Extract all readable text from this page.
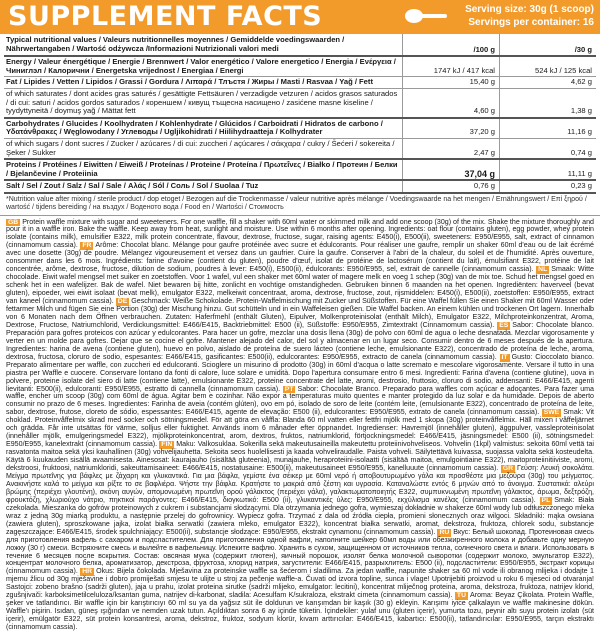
SUPPLEMENT FACTS	Serving size: 30g (1 scoop)
Servings per container: 16
Typical nutritional values / Valeurs nutritionnelles moyennes / Gemiddelde voedingswaarden / Nährwertangaben / Wartość odżywcza /Informazioni Nutrizionali valori medi	/100 g	/30 g
Energy / Valeur énergétique / Energie / Brennwert / Valor energético / Valore energetico / Energia / Ενέργεια / Чиниглэл / Калорични / Energetska vrijednost / Energiaa / Energi	1747 kJ / 417 kcal	524 kJ / 125 kcal
Fat / Lipides / Vetten / Lipidos / Grassi / Gordura / Λιπαρά / Тлъстя / Жиры / Masti / Rasvaa / Yağ / Fett	15,40 g	4,62 g
of which saturates / dont acides gras saturés / gesättigte Fettsäuren / verzadigde vetzuren / acidos grasos saturados / di cui: saturi / acidos gordos saturados / кореншем / кивущ тъщесна насищено / zasićene masne kiseline / tyydyttyneitä / doymuş yağ / Mättat fett	4,60 g	1,38 g
Carbohydrates / Glucides / Koolhydraten / Kohlenhydrate / Glúcidos / Carboidrati / Hidratos de carbono / Υδατάνθρακες / Węglowodany / Углеводы / Ugljikohidrati / Hiilihydraatteja / Kolhydrater	37,20 g	11,16 g
of which sugars / dont sucres / Zucker / azúcares / di cui: zuccheri / açúcares / σάκχαρα / cukry / Šećeri / sokereita / Şeker / Sukker	2,47 g	0,74 g
Proteins / Protéines / Eiwitten / Eiweiß / Proteínas / Proteine / Proteína / Πρωτεΐνες / Białko / Протеин / Белки / Bjelančevine / Proteiinia	37,04 g	11,11 g
Salt / Sel / Zout / Salz / Sal / Sale / Αλάς / Sól / Соль / Sol / Suolaa / Tuz	0,76 g	0,23 g
*Nutrition value after mixing / sterile product / dop etoget / Bezogen auf die Trockenmasse / valeur nutritive après mélange / Voedingswaarde na het mengen / Ernährungswert / Επί ξηρού / wartość / tijdens bereiding / на въздух / Воденото вода / Food en / Wartości / Стоимость
GB Protein waffle mixture with sugar and sweeteners. For one waffle, fill a shaker with 60ml water or skimmed milk and add one scoop (30g) of the mix. Shake the mixture thoroughly and pour it in a waffle iron. Bake the waffle. Keep away from heat, sunlight and moisture. Use within 6 months after opening. Ingredients: oat flour (contains gluten), egg powder, whey protein isolate (contains milk), emulsifier E322, milk protein concentrate, flavour, dextrose, fructose, sugar, raising agents: E450(i), E500(ii), sweeteners: E950/E955, salt, extract of cinnamon (cinnamomum cassia). FR Arôme: Chocolat blanc. Mélange pour gaufre protéinée avec sucre et édulcorants. Pour réaliser une gaufre, remplir un shaker 60ml d'eau ou de lait écrémé avec une dosette (30g) de poudre. Mélangez vigoureusement et versez dans un gaufrier. Cuire la gaufre. Conserver à l'abri de la chaleur, du soleil et de l'humidité. Après ouverture, consommer dans les 6 mois. Ingrédients: farine d'avoine (contient du gluten), poudre d'œuf, isolat de protéine de lactosérum (contient du lait), émulsifiant E322, protéine de lait concentrée, arôme, dextrose, fructose, dilution de sodium, poudres à lever: E450(i), E500(ii), édulcorants: E950/E955, sel, extrait de cannelle (cinnamomum cassia). NL Smaak: Witte chocolade. Eiwit wafel mengsel met suiker en zoetstoffen. Voor 1 wafel, vul een shaker met 60ml water of magere melk en voeg 1 schep (30g) van de mix toe. Schud het mengsel goed en schenk het in een wafelijzer. Bak de wafel. Niet bewaren bij hitte, zonlicht en vochtige omstandigheden. Gebruiken binnen 6 maanden na het openen. Ingrediënten: haverveel (bevat gluten), eipoeder, wei eiwit isolaat (bevat melk), emulgator E322, melkeiwit concentraat, aroma, dextrose, fructose, zout, rijsmiddelen: E450(i), E500(ii), zoetstoffen: E950/E955, extract van kaneel (cinnamomum cassia). DE Geschmack: Weiße Schokolade. Protein-Waffelmischung mit Zucker und Süßstoffen. Für eine Waffel füllen Sie einen Shaker mit 60ml Wasser oder fettarmer Milch und fügen Sie eine Portion (30g) der Mischung hinzu. Gut schütteln und in ein Waffeleisen gießen. Die Waffel backen. An einem kühlen und trockenen Ort lagern. Innerhalb von 6 Monaten nach dem Öffnen verbrauchen. Zutaten: Haferfmehl (enthält Gluten), Eipulver, Molkenproteinisolat (enthält Milch), Emulgator E322, Milchproteinkonzentrat, Aroma, Dextrose, Fructose, Natriumchlorid, Verdickungsmittel: E466/E415, Backtriebmittel: E500 (ii), Süßstoffe: E950/E955, Zimtextrakt (Cinnamomum cassia). ES Sabor: Chocolate blanco. Preparación para gofres proteicos con azúcar y edulcorantes. Para hacer un gofre, mezclar una dosis llena (30g) de polvo con 60ml de agua o leche desnatada. Mezclar vigorosamente y verter en un molde para gofres. Dejar que se cocine el gofre. Mantener alejado del calor, del sol y almacenar en un lugar seco. Consumir dentro de 6 meses después de la apertura. Ingredientes: harina de avena (contiene gluten), huevo en polvo, aislado de proteína de suero lácteo (contiene leche, emulsionante E322), concentrado de proteína de leche, aroma, dextrosa, fructosa, cloruro de sodio, espesantes: E466/E415, gasificantes: E500(ii), edulcorantes: E950/E955, extracto de canela (cinnamomum cassia). IT Gusto: Cioccolato bianco. Preparato alimentare per waffle, con zuccheri ed edulcoranti. Scioglere un misurino di prodotto (30g) in 60ml d'acqua o latte scremato e mescolare vigorosamente. Versare il tutto in una piastra per Waffle e cuocere. Conservare lontano da fonti di calore, luce solare e umidità. Dopo l'apertura consumare entro 6 mesi. Ingredienti: Farina d'avena (contiene glutine), uova in polvere, proteine isolate del siero di latte (contiene latte), emulsionante E322, proteine concentrate del latte, aromi, destrosio, fruttosio, cloruro di sodio, addensanti: E466/E415, agenti lievitanti: E500(ii), edulcoranti: E950/E955, estratto di cannella (cinnamomum cassia). PT Sabor: Chocolate Branco. Preparado para waffles com açúcar e adoçantes. Para fazer uma waffle, encher um scoop (30g) com 60ml de água. Agitar bem e cozinhar. Não expor a temperaturas muito quentes e manter protegido da luz solar e da humidade. Depois de aberto consumir no prazo de 6 meses. Ingredientes: Farinha de aveia (contém glúten), ovo em pó, isolado de soro de leite (contém leite, (emulsionante E322), concentrado de proteína de leite, sabor, dextrose, frutose, cloreto de sódio, espessantes: E466/E415, agente de elevação: E500 (ii), edulcorantes: E950/E955, extrato de canela (cinnamomum cassia). SWE Smak: Vit choklad. Proteinvåffelmix skrad med socker och sötningsmedel. För att göra en våffla: Blanda 60 ml vatten eller fettfri mjölk med 1 skopa (30g) proteinvåffelmix. Häll mixen i våffeljärnet och grädda. Får inte utsättas för värme, solljus eller fuktighet. Används inom 6 månader efter öppnandet. Ingredienser: Havremjöl (innehåller gluten), äggpulver, vassleproteinisolat (innehåller mjölk, emulgeringsmedel E322), mjölkproteinkoncentrat, arom, dextros, fruktos, natriumklorid, förtjockningsmedel: E466/E415, jäsningsmedel: E500 (ii), sötningsmedel: E950/E955, kanelextrakt (cinnamomum cassia). FIN Maku: Valkosuklaa. Sokerilla sekä makeutusaineilla makeutettu proteiinivohveliseos. Vohvelin (1kpl) valmistus: sekoita 60ml vettä tai rasvatonta maitoa sekä yksi kauhallinen (30g) vohvelijauhetta. Sekoita seos huolellisesti ja kaada vohveliraudalle. Paista vohveli. Säilytettävä kuivassa, suojassa valolta sekä kosteudelta. Käytä 6 kuukauden sisällä avaamisesta. Ainesosat: kaurajauho (sisältää gluteenia), munajauhe, heraproteiini-isolaatti (sisältää maitoa, emulgointiaine E322), maitoproteiinitiiviste, aromi, dekstroosi, fruktoosi, natriumkloridi, sakeuttamisaineet: E466/E415, nostatusaine: E500(ii), makeutusaineet E950/E955, kanelluuute (cinnamomum cassia). GR Γεύση: Λευκή σοκολάτα. Μείγμα πρωτεΐνης για βάφλες με ζάχαρη και γλυκαντικά. Για μια βάφλα, γεμίστε ένα σέικερ με 60ml νερό ή αποβουτυρωμένο γάλα και προσθέστε μια μεζούρα (30g) του μείγματος. Ανακινήστε καλά το μείγμα και ρίξτε το σε βαφλιέρα. Ψήστε την βάφλα. Κρατήστε το μακριά από ζέστη και υγρασία. Καταναλώστε εντός 6 μηνών από το άνοιγμα. Συστατικά: αλεύρι βρώμης (περιέχει γλουτένη), σκόνη αυγών, απομονωμένη πρωτεΐνη ορού γάλακτος (περιέχει γάλα), γαλακτωματοποιητής E322, συμπυκνωμένη πρωτεΐνη γάλακτος, άρωμα, δεξτρόζη, φρουκτόζη, χλωριούχο νάτριο, πηκτικοί παράγοντες: E466/E415, διογκωτικό: E500 (ii), γλυκαντικές ύλες: E950/E955, εκχύλισμα κανέλας (cinnamomum cassia). PL Smak: Biała czekolada. Mieszanka do gofrów proteinowych z cukrem i substancjami słodzącymi. Dla otrzymania jednego gofra, wymieszaj dokładnie w shakerze 60ml wody lub odtłuszczonego mleka wraz z jedną 30g miarką produktu, a następnie przelej do gofrownicy. Wypiecz gofra. Trzymać z dala od źródła ciepła, promieni słonecznych oraz wilgoci. Składniki: mąka owsiana (zawiera gluten), sproszkowane jajka, izolat białka serwatki (zawiera mleko, emulgator E322), koncentrat białka serwatki, aromat, dekstroza, fruktoza, chlorek sodu, substancje zagęszczające: E466/E415, środek spulchniający: E500(ii), substancje słodzące: E950/E955, ekstrakt cynamonu (cinnamomum cassia). RU Вкус: Белый шоколад. Протеиновая смесь для приготовления вафель с сахаром и подсластителем. Для приготовления одной вафли, наполните шейкер 60мл воды или обезжиренного молока и добавьте одну мерную ложку (30 г) смеси. Встряхните смесь и вылейте в вафельницу. Испеките вафлю. Хранить в сухом, защищенном от источников тепла, солнечного света и влаги. Использовать в течение 6 месяцев после вскрытия. Состав: овсяная мука (содержит глютен), яичный порошок, изолят белка молочной сыворотки (содержит молоко, эмульгатор E322), концентрат молочного белка, ароматизатор, декстроза, фруктоза, хлорид натрия, загустители: E466/E415, разрыхлитель: E500 (ii), подсластители: E950/E955, экстракт корицы (cinnamomum cassia). HR Okus: Bijela čokolada. Mješavina za proteinske waffle sa šećerom i sladilima. Za jedan waffle, napunite shaker sa 60 ml vode ili obranog mlijeka i dodajte 1 mjernu žlicu od 30g mješavine i dobro promiješati smjesu te ulijte u stroj za pečenje waffle-a. Čuvati od izvora topline, sunca i vlage! Upotrijebiti proizvod u roku 6 mjeseci od otvaranja! Sastojci: zobeno brašno (sadrži gluten), jaja u prahu, izolat proteina sirutke (sadrži mlijeko, emulgator: lecitini), koncentrat mliječnog proteina, aroma, dekstroza, fruktoza, natrijev klorid, zgušnjivači: karboksimetilceluloza/ksantan guma, natrijev di-karbonat, sladila: Acesulfam K/sukraloza, ekstrakt cimeta (cinnamomum cassia). TU Aroma: Beyaz Çikolata. Protein Waffle, şeker ve tatlandırıcı. Bir waffle için bir karıştırıcıyı 60 ml su ya da yağsız süt ile doldurun ve karışımdan bir kaşık (30 g) ekleyin. Karışımı iyice çalkalayın ve waffle makinesine dökün. Waffle'ı pişirin. Isıdan, güneş ışığından ve nemden uzak tutun. Açıldıktan sonra 6 ay içinde tüketin. İçindekiler: yulaf unu (gluten içerir), yumurta tozu, peynir altı suyu protein izolatı (süt içerir), emülgatör E322, süt protein konsantresi, aroma, dekstroz, fruktoz, sodyum klorür, kıvam arttırıcılar: E466/E415, kabartıcı: E500(ii), tatlandırıcılar: E950/E955, tarçın ekstraktı (cinnamomum cassia).
